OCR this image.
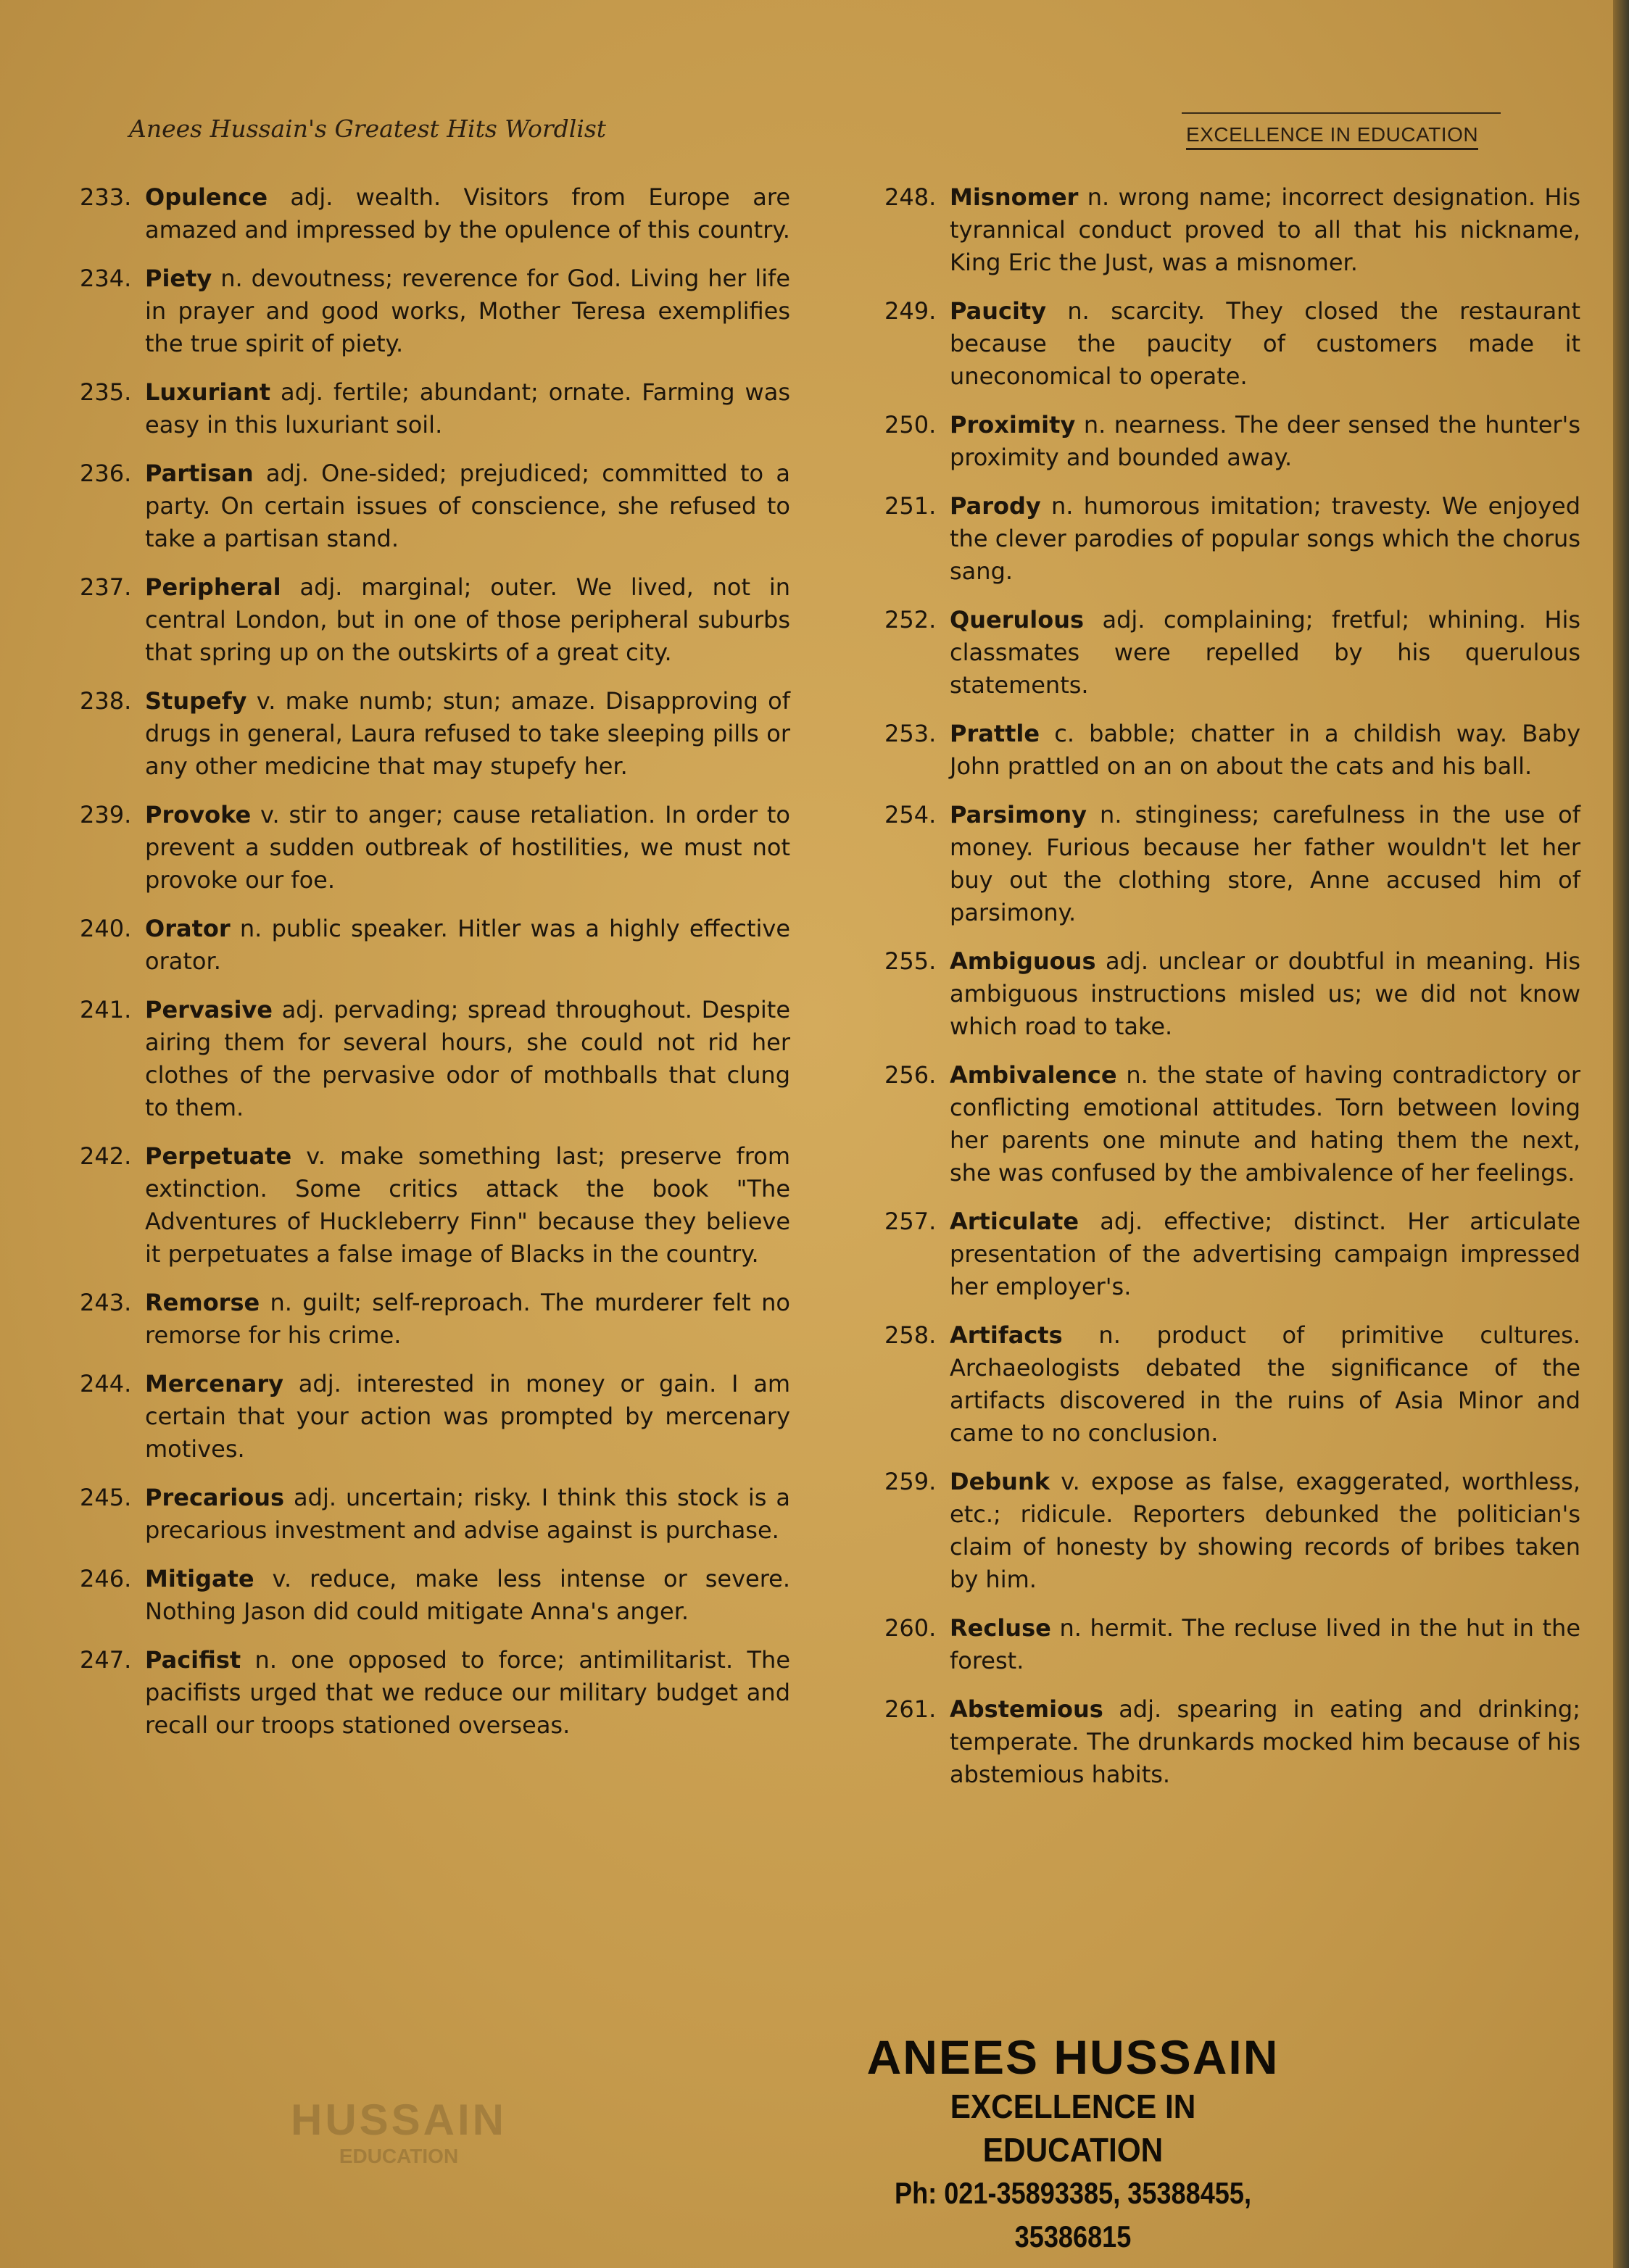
Anees Hussain's Greatest Hits Wordlist	EXCELLENCE IN EDUCATION
233. Opulence adj. wealth. Visitors from Europe are amazed and impressed by the opulence of this country.
234. Piety n. devoutness; reverence for God. Living her life in prayer and good works, Mother Teresa exemplifies the true spirit of piety.
235. Luxuriant adj. fertile; abundant; ornate. Farming was easy in this luxuriant soil.
236. Partisan adj. One-sided; prejudiced; committed to a party. On certain issues of conscience, she refused to take a partisan stand.
237. Peripheral adj. marginal; outer. We lived, not in central London, but in one of those peripheral suburbs that spring up on the outskirts of a great city.
238. Stupefy v. make numb; stun; amaze. Disapproving of drugs in general, Laura refused to take sleeping pills or any other medicine that may stupefy her.
239. Provoke v. stir to anger; cause retaliation. In order to prevent a sudden outbreak of hostilities, we must not provoke our foe.
240. Orator n. public speaker. Hitler was a highly effective orator.
241. Pervasive adj. pervading; spread throughout. Despite airing them for several hours, she could not rid her clothes of the pervasive odor of mothballs that clung to them.
242. Perpetuate v. make something last; preserve from extinction. Some critics attack the book "The Adventures of Huckleberry Finn" because they believe it perpetuates a false image of Blacks in the country.
243. Remorse n. guilt; self-reproach. The murderer felt no remorse for his crime.
244. Mercenary adj. interested in money or gain. I am certain that your action was prompted by mercenary motives.
245. Precarious adj. uncertain; risky. I think this stock is a precarious investment and advise against is purchase.
246. Mitigate v. reduce, make less intense or severe. Nothing Jason did could mitigate Anna's anger.
247. Pacifist n. one opposed to force; antimilitarist. The pacifists urged that we reduce our military budget and recall our troops stationed overseas.
248. Misnomer n. wrong name; incorrect designation. His tyrannical conduct proved to all that his nickname, King Eric the Just, was a misnomer.
249. Paucity n. scarcity. They closed the restaurant because the paucity of customers made it uneconomical to operate.
250. Proximity n. nearness. The deer sensed the hunter's proximity and bounded away.
251. Parody n. humorous imitation; travesty. We enjoyed the clever parodies of popular songs which the chorus sang.
252. Querulous adj. complaining; fretful; whining. His classmates were repelled by his querulous statements.
253. Prattle c. babble; chatter in a childish way. Baby John prattled on an on about the cats and his ball.
254. Parsimony n. stinginess; carefulness in the use of money. Furious because her father wouldn't let her buy out the clothing store, Anne accused him of parsimony.
255. Ambiguous adj. unclear or doubtful in meaning. His ambiguous instructions misled us; we did not know which road to take.
256. Ambivalence n. the state of having contradictory or conflicting emotional attitudes. Torn between loving her parents one minute and hating them the next, she was confused by the ambivalence of her feelings.
257. Articulate adj. effective; distinct. Her articulate presentation of the advertising campaign impressed her employer's.
258. Artifacts n. product of primitive cultures. Archaeologists debated the significance of the artifacts discovered in the ruins of Asia Minor and came to no conclusion.
259. Debunk v. expose as false, exaggerated, worthless, etc.; ridicule. Reporters debunked the politician's claim of honesty by showing records of bribes taken by him.
260. Recluse n. hermit. The recluse lived in the hut in the forest.
261. Abstemious adj. spearing in eating and drinking; temperate. The drunkards mocked him because of his abstemious habits.
HUSSAIN
EDUCATION
ANEES HUSSAIN
EXCELLENCE IN EDUCATION
Ph: 021-35893385, 35388455, 35386815
